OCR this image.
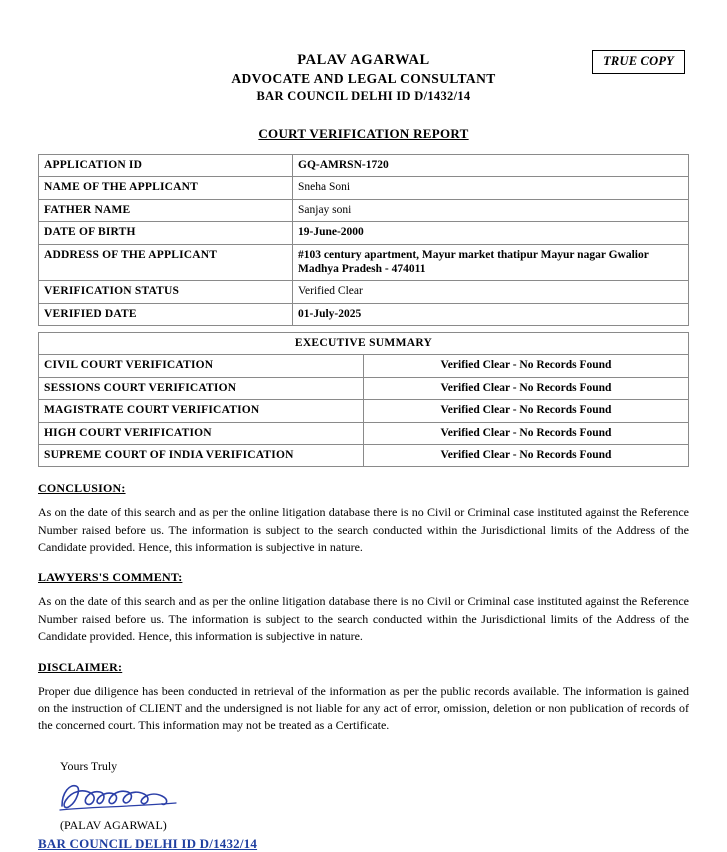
TRUE COPY
PALAV AGARWAL
ADVOCATE AND LEGAL CONSULTANT
BAR COUNCIL DELHI ID D/1432/14
COURT VERIFICATION REPORT
APPLICATION ID	GQ-AMRSN-1720
NAME OF THE APPLICANT	Sneha Soni
FATHER NAME	Sanjay soni
DATE OF BIRTH	19-June-2000
ADDRESS OF THE APPLICANT	#103 century apartment, Mayur market thatipur Mayur nagar Gwalior Madhya Pradesh - 474011
VERIFICATION STATUS	Verified Clear
VERIFIED DATE	01-July-2025
EXECUTIVE SUMMARY	
CIVIL COURT VERIFICATION	Verified Clear - No Records Found
SESSIONS COURT VERIFICATION	Verified Clear - No Records Found
MAGISTRATE COURT VERIFICATION	Verified Clear - No Records Found
HIGH COURT VERIFICATION	Verified Clear - No Records Found
SUPREME COURT OF INDIA VERIFICATION	Verified Clear - No Records Found
CONCLUSION:
As on the date of this search and as per the online litigation database there is no Civil or Criminal case instituted against the Reference Number raised before us. The information is subject to the search conducted within the Jurisdictional limits of the Address of the Candidate provided. Hence, this information is subjective in nature.
LAWYERS'S COMMENT:
As on the date of this search and as per the online litigation database there is no Civil or Criminal case instituted against the Reference Number raised before us. The information is subject to the search conducted within the Jurisdictional limits of the Address of the Candidate provided. Hence, this information is subjective in nature.
DISCLAIMER:
Proper due diligence has been conducted in retrieval of the information as per the public records available. The information is gained on the instruction of CLIENT and the undersigned is not liable for any act of error, omission, deletion or non publication of records of the concerned court. This information may not be treated as a Certificate.
Yours Truly
(PALAV AGARWAL)
BAR COUNCIL DELHI ID D/1432/14
